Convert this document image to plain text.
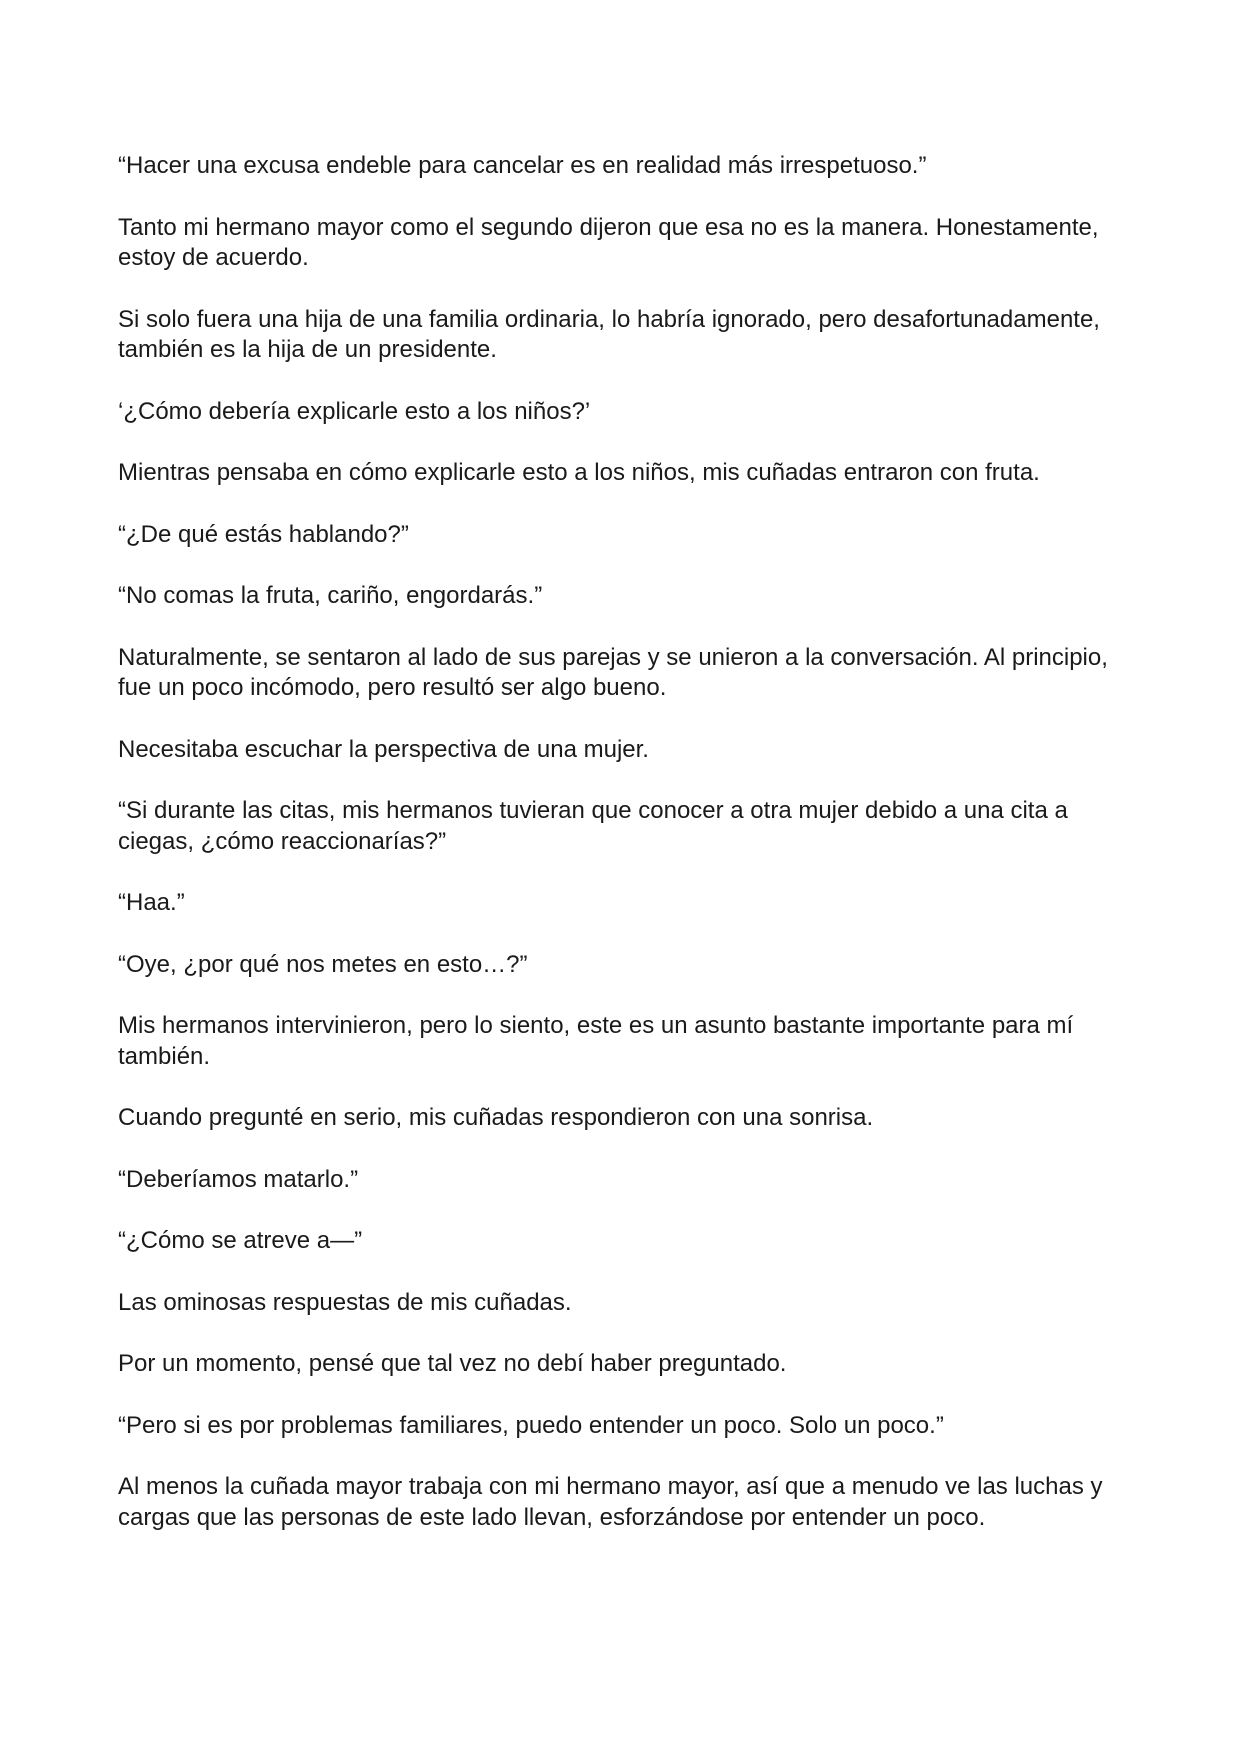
“Hacer una excusa endeble para cancelar es en realidad más irrespetuoso.”

Tanto mi hermano mayor como el segundo dijeron que esa no es la manera. Honestamente, estoy de acuerdo.

Si solo fuera una hija de una familia ordinaria, lo habría ignorado, pero desafortunadamente, también es la hija de un presidente.

‘¿Cómo debería explicarle esto a los niños?’

Mientras pensaba en cómo explicarle esto a los niños, mis cuñadas entraron con fruta.

“¿De qué estás hablando?”

“No comas la fruta, cariño, engordarás.”

Naturalmente, se sentaron al lado de sus parejas y se unieron a la conversación. Al principio, fue un poco incómodo, pero resultó ser algo bueno.

Necesitaba escuchar la perspectiva de una mujer.

“Si durante las citas, mis hermanos tuvieran que conocer a otra mujer debido a una cita a ciegas, ¿cómo reaccionarías?”

“Haa.”

“Oye, ¿por qué nos metes en esto…?”

Mis hermanos intervinieron, pero lo siento, este es un asunto bastante importante para mí también.

Cuando pregunté en serio, mis cuñadas respondieron con una sonrisa.

“Deberíamos matarlo.”

“¿Cómo se atreve a—”

Las ominosas respuestas de mis cuñadas.

Por un momento, pensé que tal vez no debí haber preguntado.

“Pero si es por problemas familiares, puedo entender un poco. Solo un poco.”

Al menos la cuñada mayor trabaja con mi hermano mayor, así que a menudo ve las luchas y cargas que las personas de este lado llevan, esforzándose por entender un poco.
